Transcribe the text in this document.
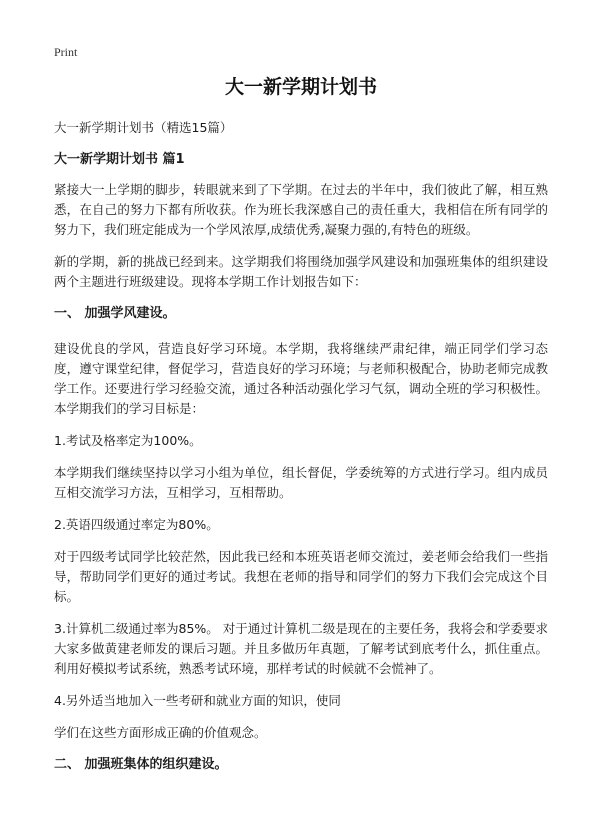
Print
大一新学期计划书
大一新学期计划书（精选15篇）
大一新学期计划书 篇1

紧接大一上学期的脚步，转眼就来到了下学期。在过去的半年中，我们彼此了解，相互熟悉，在自己的努力下都有所收获。作为班长我深感自己的责任重大，我相信在所有同学的努力下，我们班定能成为一个学风浓厚,成绩优秀,凝聚力强的,有特色的班级。

新的学期，新的挑战已经到来。这学期我们将围绕加强学风建设和加强班集体的组织建设两个主题进行班级建设。现将本学期工作计划报告如下：

一、 加强学风建设。

建设优良的学风，营造良好学习环境。本学期，我将继续严肃纪律，端正同学们学习态度，遵守课堂纪律，督促学习，营造良好的学习环境；与老师积极配合，协助老师完成教学工作。还要进行学习经验交流，通过各种活动强化学习气氛，调动全班的学习积极性。本学期我们的学习目标是：

1.考试及格率定为100%。

本学期我们继续坚持以学习小组为单位，组长督促，学委统筹的方式进行学习。组内成员互相交流学习方法，互相学习，互相帮助。

2.英语四级通过率定为80%。

对于四级考试同学比较茫然，因此我已经和本班英语老师交流过，姜老师会给我们一些指导，帮助同学们更好的通过考试。我想在老师的指导和同学们的努力下我们会完成这个目标。

3.计算机二级通过率为85%。 对于通过计算机二级是现在的主要任务，我将会和学委要求大家多做黄建老师发的课后习题。并且多做历年真题，了解考试到底考什么，抓住重点。利用好模拟考试系统，熟悉考试环境，那样考试的时候就不会慌神了。

4.另外适当地加入一些考研和就业方面的知识，使同

学们在这些方面形成正确的价值观念。

二、 加强班集体的组织建设。
